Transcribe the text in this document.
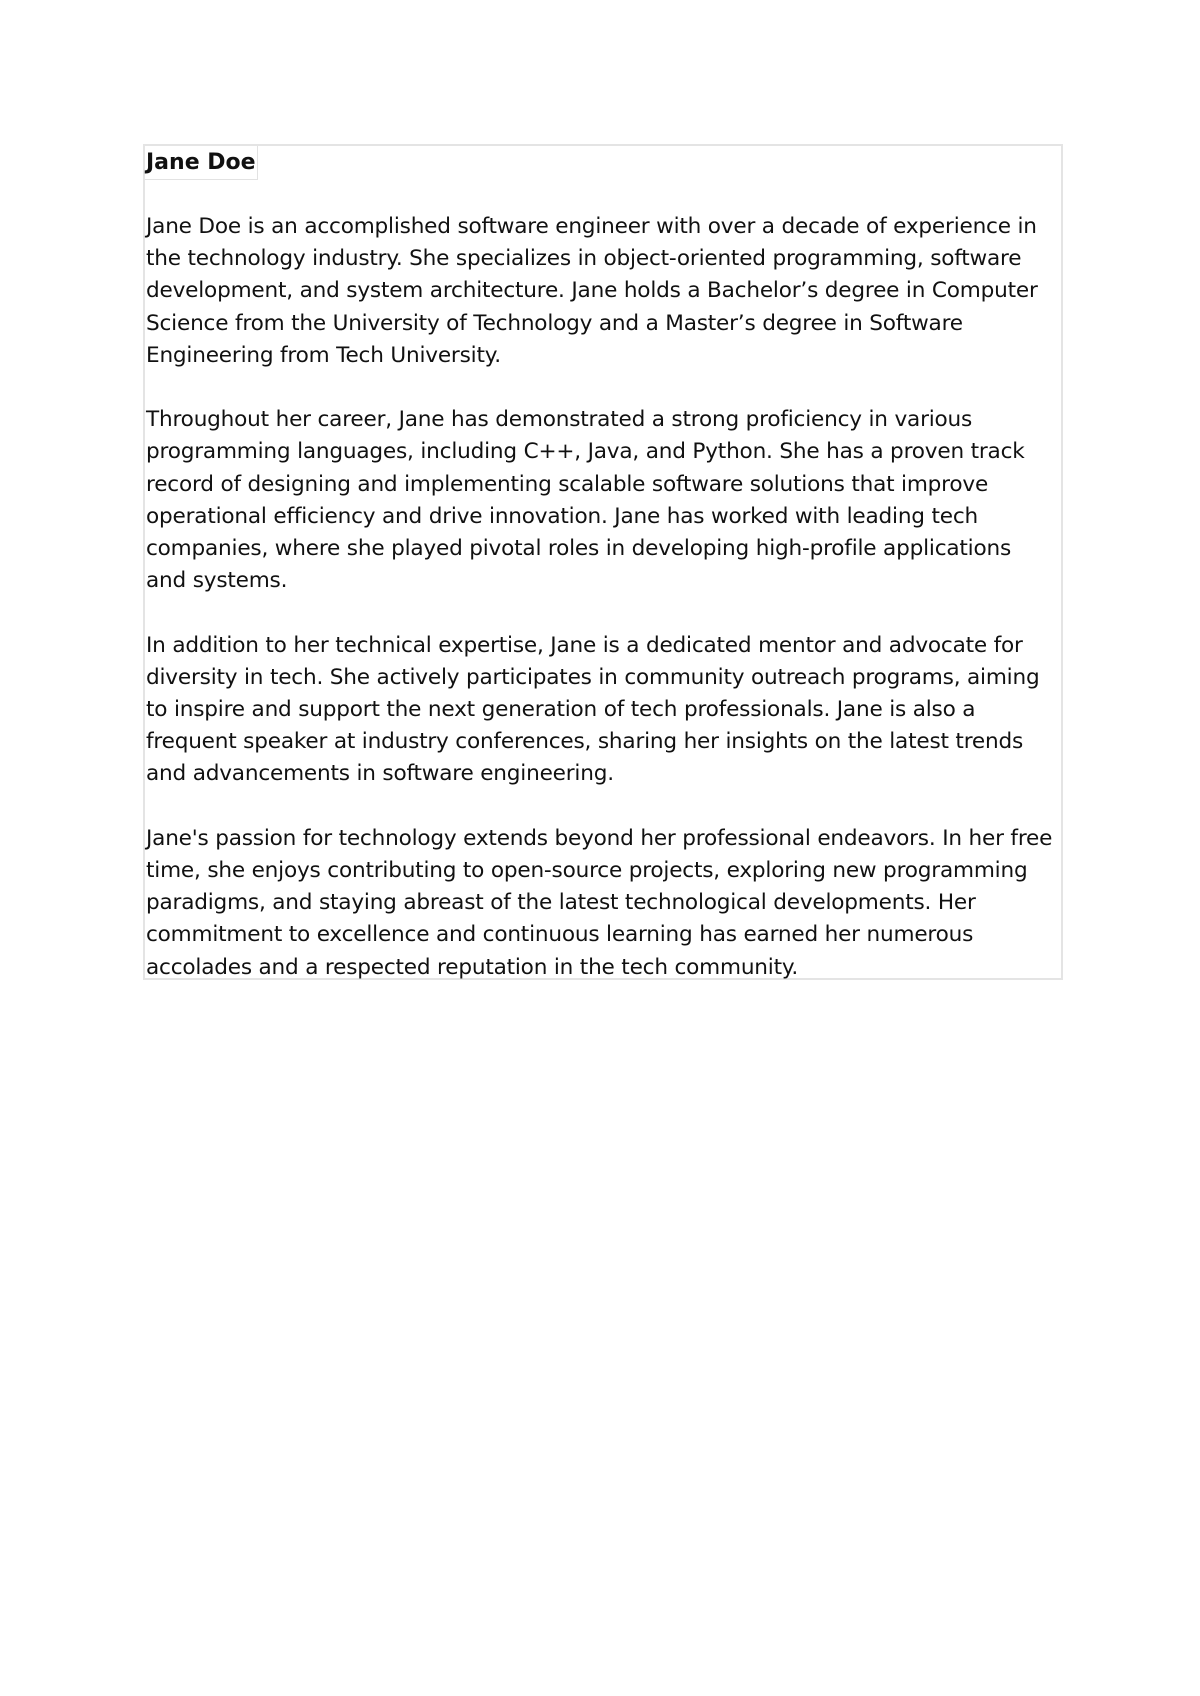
Jane Doe

Jane Doe is an accomplished software engineer with over a decade of experience in
the technology industry. She specializes in object-oriented programming, software
development, and system architecture. Jane holds a Bachelor’s degree in Computer
Science from the University of Technology and a Master’s degree in Software
Engineering from Tech University.

Throughout her career, Jane has demonstrated a strong proficiency in various
programming languages, including C++, Java, and Python. She has a proven track
record of designing and implementing scalable software solutions that improve
operational efficiency and drive innovation. Jane has worked with leading tech
companies, where she played pivotal roles in developing high-profile applications
and systems.

In addition to her technical expertise, Jane is a dedicated mentor and advocate for
diversity in tech. She actively participates in community outreach programs, aiming
to inspire and support the next generation of tech professionals. Jane is also a
frequent speaker at industry conferences, sharing her insights on the latest trends
and advancements in software engineering.

Jane's passion for technology extends beyond her professional endeavors. In her free
time, she enjoys contributing to open-source projects, exploring new programming
paradigms, and staying abreast of the latest technological developments. Her
commitment to excellence and continuous learning has earned her numerous
accolades and a respected reputation in the tech community.
